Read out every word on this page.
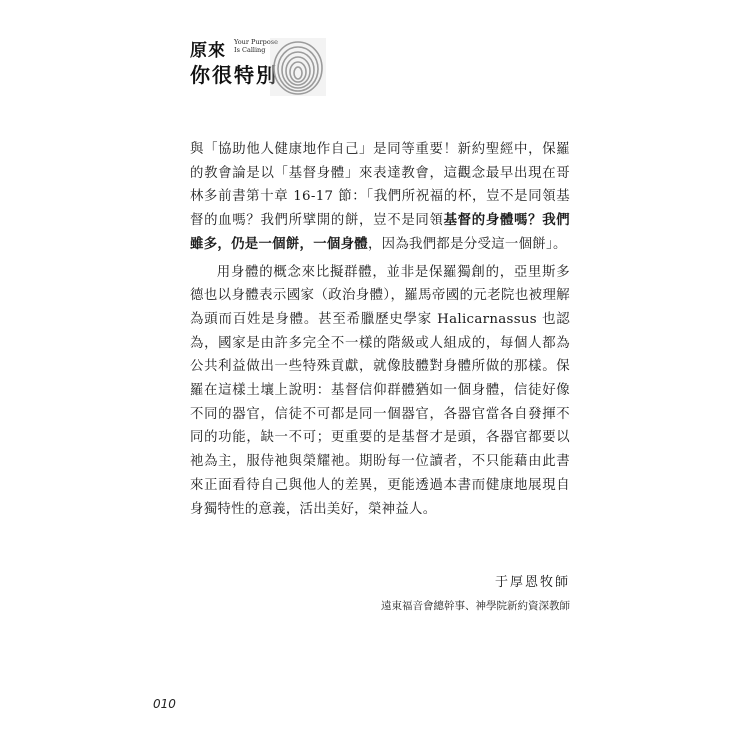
原來 Your Purpose
Is Calling
你很特別

與「協助他人健康地作自己」是同等重要！新約聖經中，保羅的教會論是以「基督身體」來表達教會，這觀念最早出現在哥林多前書第十章 16-17 節：「我們所祝福的杯，豈不是同領基督的血嗎？我們所擘開的餅，豈不是同領基督的身體嗎？我們雖多，仍是一個餅，一個身體，因為我們都是分受這一個餅」。

用身體的概念來比擬群體，並非是保羅獨創的，亞里斯多德也以身體表示國家（政治身體），羅馬帝國的元老院也被理解為頭而百姓是身體。甚至希臘歷史學家 Halicarnassus 也認為，國家是由許多完全不一樣的階級或人組成的，每個人都為公共利益做出一些特殊貢獻，就像肢體對身體所做的那樣。保羅在這樣土壤上說明：基督信仰群體猶如一個身體，信徒好像不同的器官，信徒不可都是同一個器官，各器官當各自發揮不同的功能，缺一不可；更重要的是基督才是頭，各器官都要以祂為主，服侍祂與榮耀祂。期盼每一位讀者，不只能藉由此書來正面看待自己與他人的差異，更能透過本書而健康地展現自身獨特性的意義，活出美好，榮神益人。

于厚恩牧師
遠東福音會總幹事、神學院新約資深教師
010
